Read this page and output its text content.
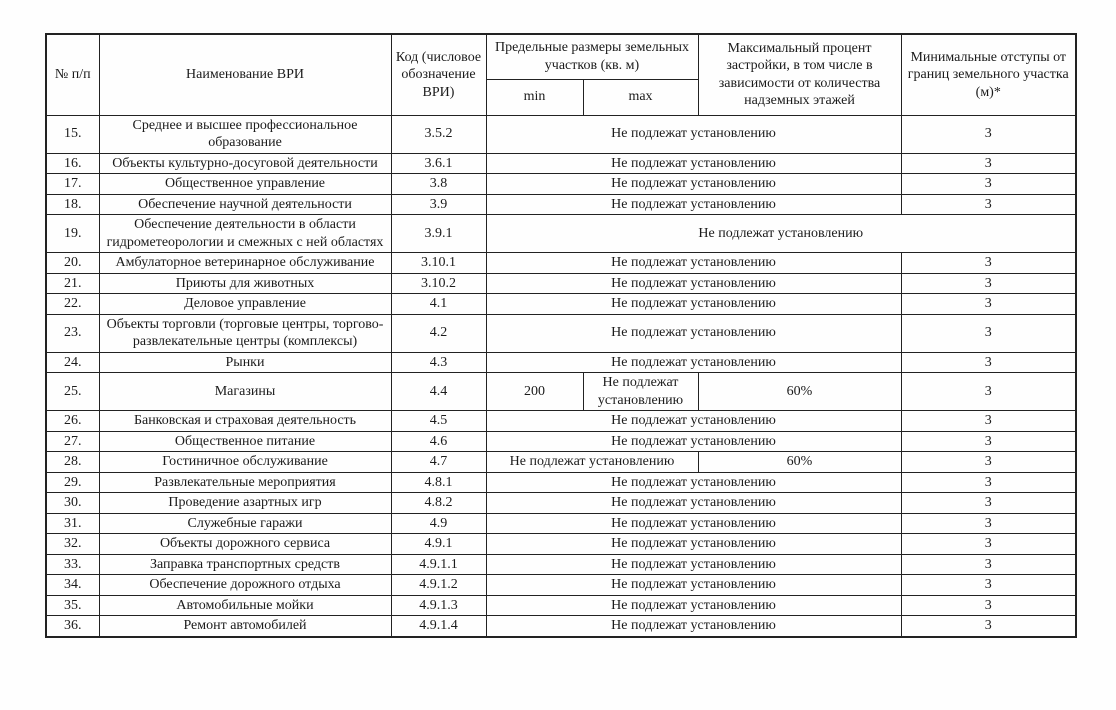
№ п/п	Наименование ВРИ	Код (числовое обозначение ВРИ)	Предельные размеры земельных участков (кв. м)		Максимальный процент застройки, в том числе в зависимости от количества надземных этажей	Минимальные отступы от границ земельного участка (м)*
			min	max		
15.	Среднее и высшее профессиональное образование	3.5.2	Не подлежат установлению			3
16.	Объекты культурно-досуговой деятельности	3.6.1	Не подлежат установлению			3
17.	Общественное управление	3.8	Не подлежат установлению			3
18.	Обеспечение научной деятельности	3.9	Не подлежат установлению			3
19.	Обеспечение деятельности в области гидрометеорологии и смежных с ней областях	3.9.1	Не подлежат установлению			
20.	Амбулаторное ветеринарное обслуживание	3.10.1	Не подлежат установлению			3
21.	Приюты для животных	3.10.2	Не подлежат установлению			3
22.	Деловое управление	4.1	Не подлежат установлению			3
23.	Объекты торговли (торговые центры, торгово-развлекательные центры (комплексы)	4.2	Не подлежат установлению			3
24.	Рынки	4.3	Не подлежат установлению			3
25.	Магазины	4.4	200	Не подлежат установлению	60%	3
26.	Банковская и страховая деятельность	4.5	Не подлежат установлению			3
27.	Общественное питание	4.6	Не подлежат установлению			3
28.	Гостиничное обслуживание	4.7	Не подлежат установлению		60%	3
29.	Развлекательные мероприятия	4.8.1	Не подлежат установлению			3
30.	Проведение азартных игр	4.8.2	Не подлежат установлению			3
31.	Служебные гаражи	4.9	Не подлежат установлению			3
32.	Объекты дорожного сервиса	4.9.1	Не подлежат установлению			3
33.	Заправка транспортных средств	4.9.1.1	Не подлежат установлению			3
34.	Обеспечение дорожного отдыха	4.9.1.2	Не подлежат установлению			3
35.	Автомобильные мойки	4.9.1.3	Не подлежат установлению			3
36.	Ремонт автомобилей	4.9.1.4	Не подлежат установлению			3
